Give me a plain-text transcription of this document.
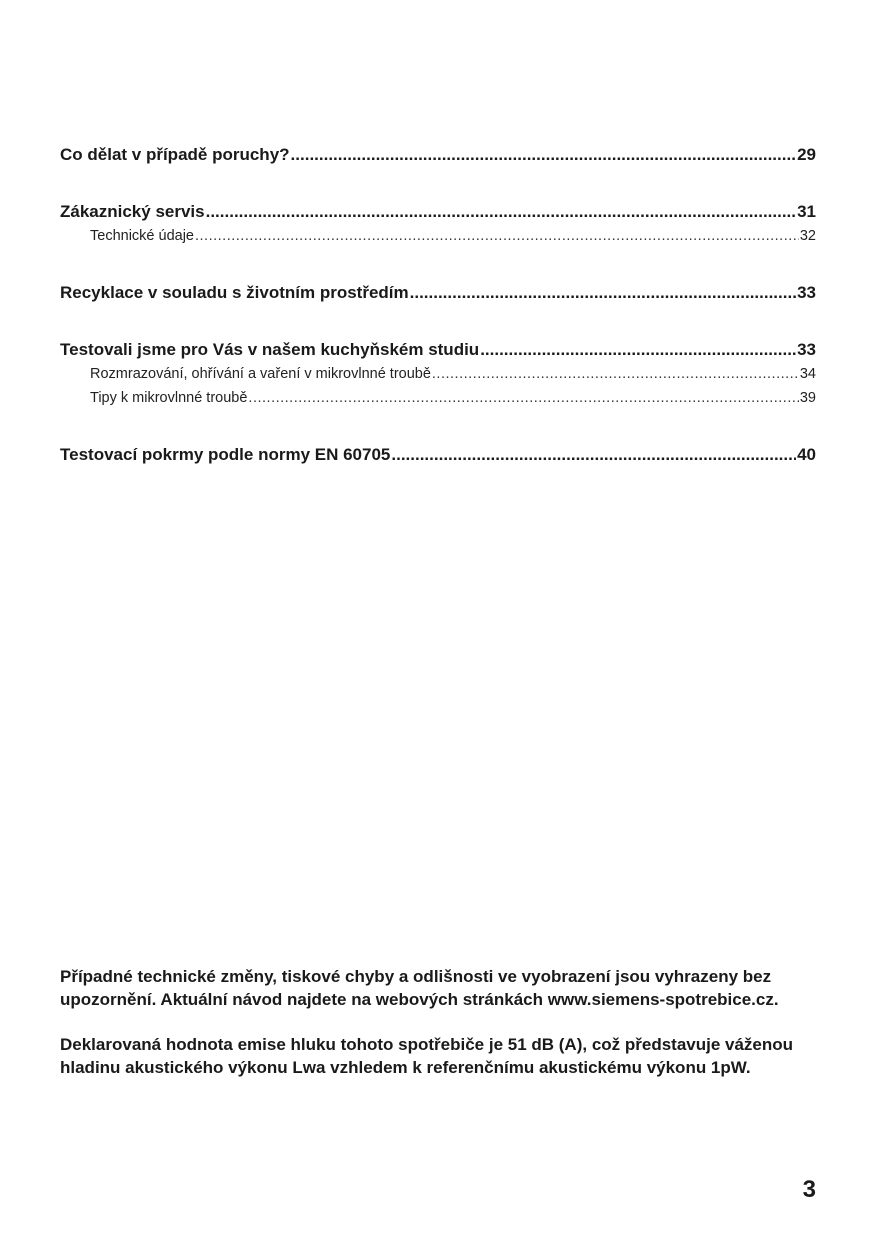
Co dělat v případě poruchy? .....	29
Zákaznický servis .....	31
Technické údaje .....	32
Recyklace v souladu s životním prostředím .....	33
Testovali jsme pro Vás v našem kuchyňském studiu .....	33
Rozmrazování, ohřívání a vaření v mikrovlnné troubě .....	34
Tipy k mikrovlnné troubě .....	39
Testovací pokrmy podle normy EN 60705 .....	40

Případné technické změny, tiskové chyby a odlišnosti ve vyobrazení jsou vyhrazeny bez upozornění. Aktuální návod najdete na webových stránkách www.siemens-spotrebice.cz.

Deklarovaná hodnota emise hluku tohoto spotřebiče je 51 dB (A), což představuje váženou hladinu akustického výkonu Lwa vzhledem k referenčnímu akustickému výkonu 1pW.

3
